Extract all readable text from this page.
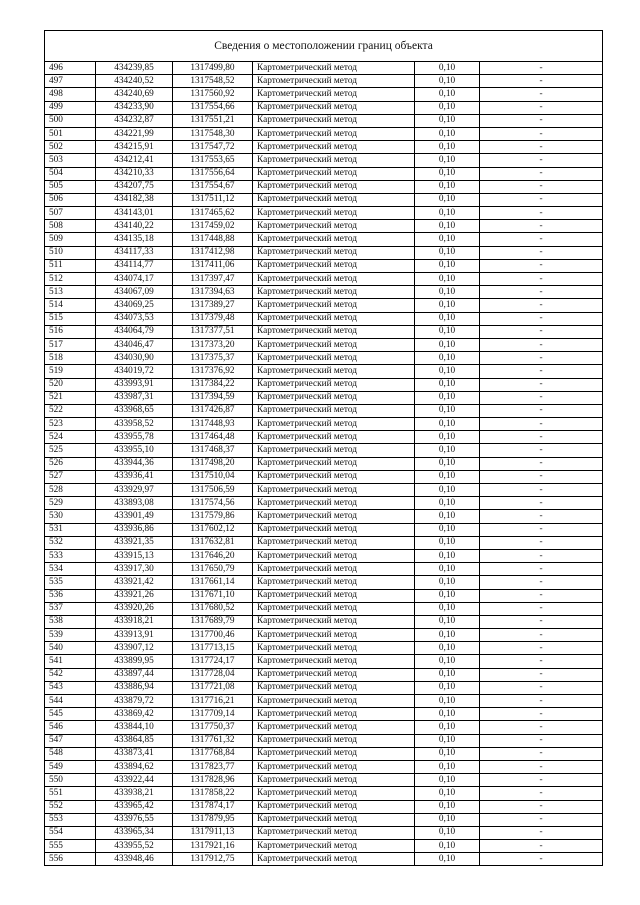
Сведения о местоположении границ объекта
496	434239,85	1317499,80	Картометрический метод	0,10	-
497	434240,52	1317548,52	Картометрический метод	0,10	-
498	434240,69	1317560,92	Картометрический метод	0,10	-
499	434233,90	1317554,66	Картометрический метод	0,10	-
500	434232,87	1317551,21	Картометрический метод	0,10	-
501	434221,99	1317548,30	Картометрический метод	0,10	-
502	434215,91	1317547,72	Картометрический метод	0,10	-
503	434212,41	1317553,65	Картометрический метод	0,10	-
504	434210,33	1317556,64	Картометрический метод	0,10	-
505	434207,75	1317554,67	Картометрический метод	0,10	-
506	434182,38	1317511,12	Картометрический метод	0,10	-
507	434143,01	1317465,62	Картометрический метод	0,10	-
508	434140,22	1317459,02	Картометрический метод	0,10	-
509	434135,18	1317448,88	Картометрический метод	0,10	-
510	434117,33	1317412,98	Картометрический метод	0,10	-
511	434114,77	1317411,06	Картометрический метод	0,10	-
512	434074,17	1317397,47	Картометрический метод	0,10	-
513	434067,09	1317394,63	Картометрический метод	0,10	-
514	434069,25	1317389,27	Картометрический метод	0,10	-
515	434073,53	1317379,48	Картометрический метод	0,10	-
516	434064,79	1317377,51	Картометрический метод	0,10	-
517	434046,47	1317373,20	Картометрический метод	0,10	-
518	434030,90	1317375,37	Картометрический метод	0,10	-
519	434019,72	1317376,92	Картометрический метод	0,10	-
520	433993,91	1317384,22	Картометрический метод	0,10	-
521	433987,31	1317394,59	Картометрический метод	0,10	-
522	433968,65	1317426,87	Картометрический метод	0,10	-
523	433958,52	1317448,93	Картометрический метод	0,10	-
524	433955,78	1317464,48	Картометрический метод	0,10	-
525	433955,10	1317468,37	Картометрический метод	0,10	-
526	433944,36	1317498,20	Картометрический метод	0,10	-
527	433936,41	1317510,04	Картометрический метод	0,10	-
528	433929,97	1317506,59	Картометрический метод	0,10	-
529	433893,08	1317574,56	Картометрический метод	0,10	-
530	433901,49	1317579,86	Картометрический метод	0,10	-
531	433936,86	1317602,12	Картометрический метод	0,10	-
532	433921,35	1317632,81	Картометрический метод	0,10	-
533	433915,13	1317646,20	Картометрический метод	0,10	-
534	433917,30	1317650,79	Картометрический метод	0,10	-
535	433921,42	1317661,14	Картометрический метод	0,10	-
536	433921,26	1317671,10	Картометрический метод	0,10	-
537	433920,26	1317680,52	Картометрический метод	0,10	-
538	433918,21	1317689,79	Картометрический метод	0,10	-
539	433913,91	1317700,46	Картометрический метод	0,10	-
540	433907,12	1317713,15	Картометрический метод	0,10	-
541	433899,95	1317724,17	Картометрический метод	0,10	-
542	433897,44	1317728,04	Картометрический метод	0,10	-
543	433886,94	1317721,08	Картометрический метод	0,10	-
544	433879,72	1317716,21	Картометрический метод	0,10	-
545	433869,42	1317709,14	Картометрический метод	0,10	-
546	433844,10	1317750,37	Картометрический метод	0,10	-
547	433864,85	1317761,32	Картометрический метод	0,10	-
548	433873,41	1317768,84	Картометрический метод	0,10	-
549	433894,62	1317823,77	Картометрический метод	0,10	-
550	433922,44	1317828,96	Картометрический метод	0,10	-
551	433938,21	1317858,22	Картометрический метод	0,10	-
552	433965,42	1317874,17	Картометрический метод	0,10	-
553	433976,55	1317879,95	Картометрический метод	0,10	-
554	433965,34	1317911,13	Картометрический метод	0,10	-
555	433955,52	1317921,16	Картометрический метод	0,10	-
556	433948,46	1317912,75	Картометрический метод	0,10	-
